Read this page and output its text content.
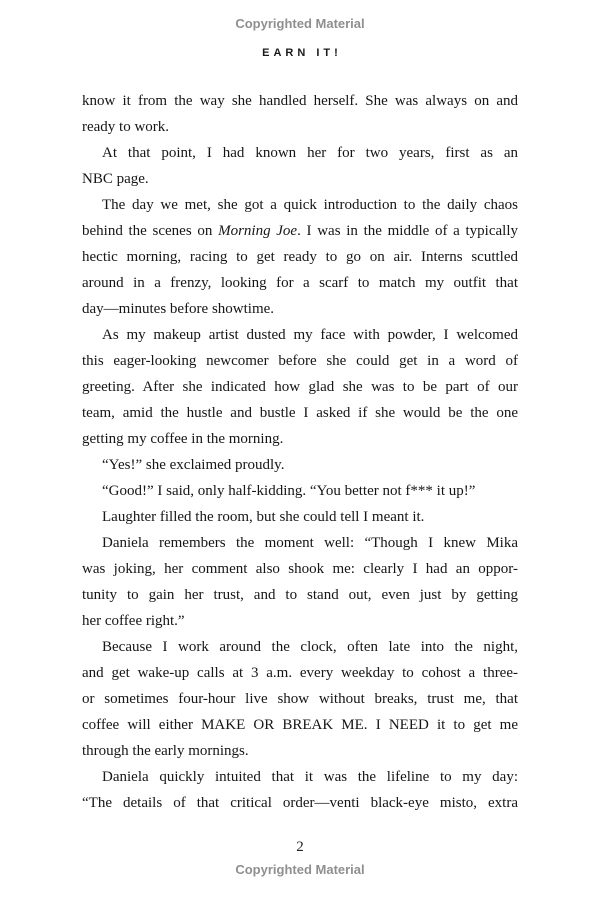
Copyrighted Material
EARN IT!
know it from the way she handled herself. She was always on and
ready to work.
At that point, I had known her for two years, first as an
NBC page.
The day we met, she got a quick introduction to the daily chaos
behind the scenes on Morning Joe. I was in the middle of a typically
hectic morning, racing to get ready to go on air. Interns scuttled
around in a frenzy, looking for a scarf to match my outfit that
day—minutes before showtime.
As my makeup artist dusted my face with powder, I welcomed
this eager-looking newcomer before she could get in a word of
greeting. After she indicated how glad she was to be part of our
team, amid the hustle and bustle I asked if she would be the one
getting my coffee in the morning.
“Yes!” she exclaimed proudly.
“Good!” I said, only half-kidding. “You better not f*** it up!”
Laughter filled the room, but she could tell I meant it.
Daniela remembers the moment well: “Though I knew Mika
was joking, her comment also shook me: clearly I had an oppor-
tunity to gain her trust, and to stand out, even just by getting
her coffee right.”
Because I work around the clock, often late into the night,
and get wake-up calls at 3 a.m. every weekday to cohost a three-
or sometimes four-hour live show without breaks, trust me, that
coffee will either MAKE OR BREAK ME. I NEED it to get me
through the early mornings.
Daniela quickly intuited that it was the lifeline to my day:
“The details of that critical order—venti black-eye misto, extra
2
Copyrighted Material
